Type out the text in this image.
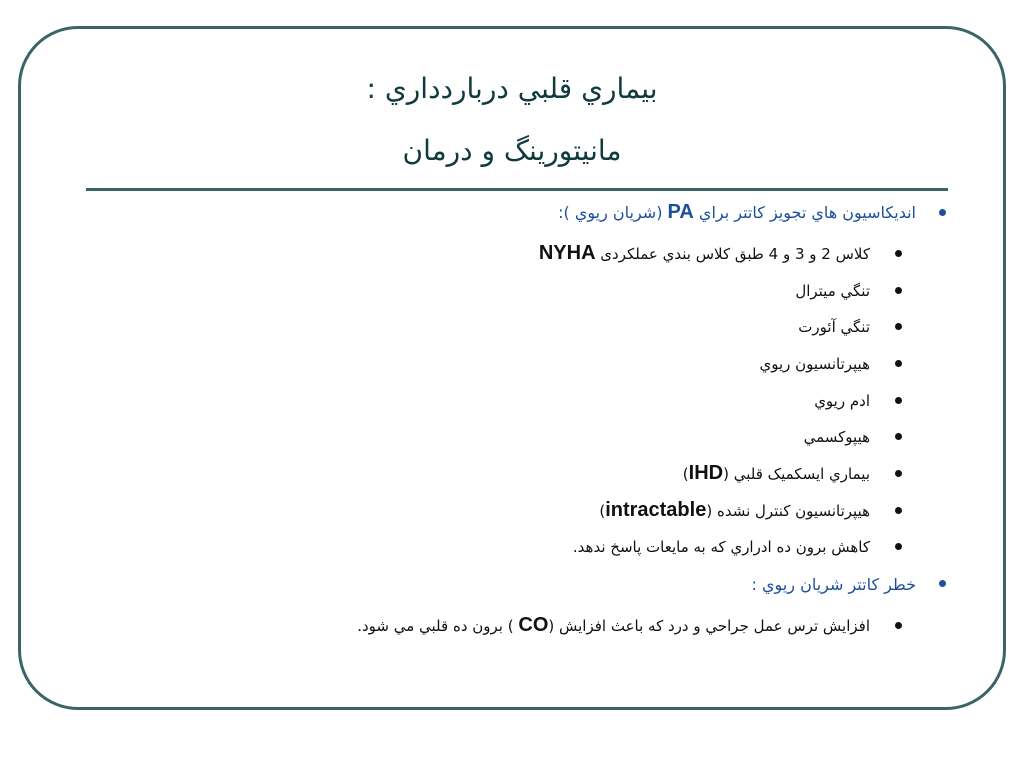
بيماري قلبي درباردداري :
مانيتورينگ و درمان
انديكاسيون هاي تجويز كاتتر براي PA (شريان ريوي ):
كلاس 2 و 3 و 4 طبق كلاس بندي عملكردی NYHA
تنگي ميترال
تنگي آئورت
هيپرتانسيون ريوي
ادم ريوي
هيپوكسمي
بيماري ايسكميک قلبي (IHD)
هيپرتانسيون كنترل نشده (intractable)
كاهش برون ده ادراري كه به مايعات پاسخ ندهد.
خطر كاتتر شريان ريوي :
افزايش ترس عمل جراحي و درد كه باعث افزايش (CO ) برون ده قلبي مي شود.
